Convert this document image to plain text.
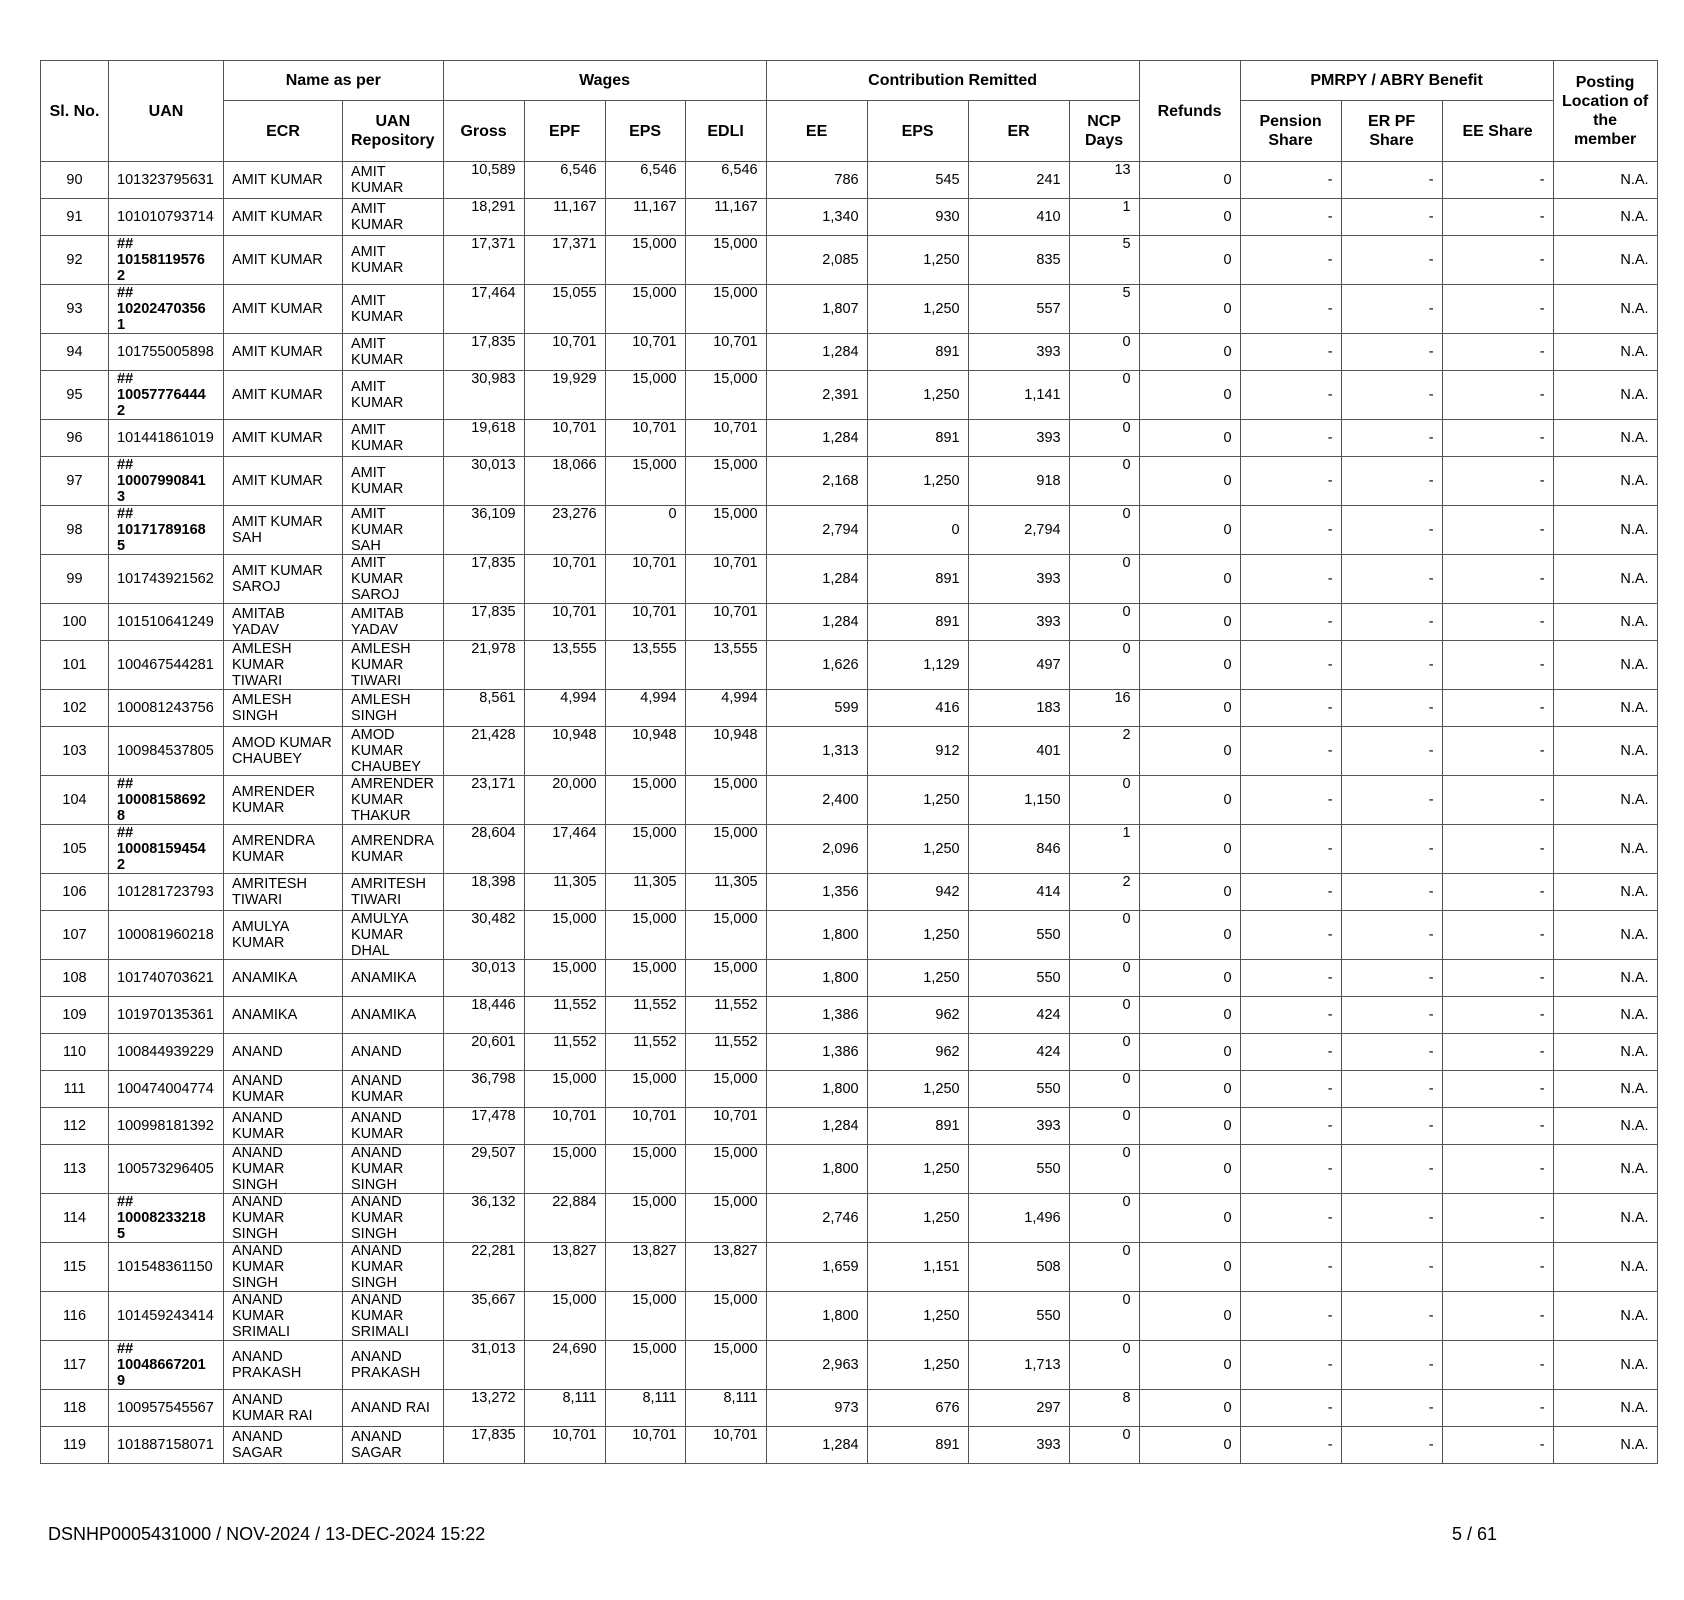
Sl. No.	UAN	Name as per		Wages				Contribution Remitted				Refunds	PMRPY / ABRY Benefit			Posting Location of the member
		ECR	UAN Repository	Gross	EPF	EPS	EDLI	EE	EPS	ER	NCP Days		Pension Share	ER PF Share	EE Share	
90	101323795631	AMIT KUMAR	AMIT KUMAR	10,589	6,546	6,546	6,546	786	545	241	13	0	-	-	-	N.A.
91	101010793714	AMIT KUMAR	AMIT KUMAR	18,291	11,167	11,167	11,167	1,340	930	410	1	0	-	-	-	N.A.
92	## 10158119576 2	AMIT KUMAR	AMIT KUMAR	17,371	17,371	15,000	15,000	2,085	1,250	835	5	0	-	-	-	N.A.
93	## 10202470356 1	AMIT KUMAR	AMIT KUMAR	17,464	15,055	15,000	15,000	1,807	1,250	557	5	0	-	-	-	N.A.
94	101755005898	AMIT KUMAR	AMIT KUMAR	17,835	10,701	10,701	10,701	1,284	891	393	0	0	-	-	-	N.A.
95	## 10057776444 2	AMIT KUMAR	AMIT KUMAR	30,983	19,929	15,000	15,000	2,391	1,250	1,141	0	0	-	-	-	N.A.
96	101441861019	AMIT KUMAR	AMIT KUMAR	19,618	10,701	10,701	10,701	1,284	891	393	0	0	-	-	-	N.A.
97	## 10007990841 3	AMIT KUMAR	AMIT KUMAR	30,013	18,066	15,000	15,000	2,168	1,250	918	0	0	-	-	-	N.A.
98	## 10171789168 5	AMIT KUMAR SAH	AMIT KUMAR SAH	36,109	23,276	0	15,000	2,794	0	2,794	0	0	-	-	-	N.A.
99	101743921562	AMIT KUMAR SAROJ	AMIT KUMAR SAROJ	17,835	10,701	10,701	10,701	1,284	891	393	0	0	-	-	-	N.A.
100	101510641249	AMITAB YADAV	AMITAB YADAV	17,835	10,701	10,701	10,701	1,284	891	393	0	0	-	-	-	N.A.
101	100467544281	AMLESH KUMAR TIWARI	AMLESH KUMAR TIWARI	21,978	13,555	13,555	13,555	1,626	1,129	497	0	0	-	-	-	N.A.
102	100081243756	AMLESH SINGH	AMLESH SINGH	8,561	4,994	4,994	4,994	599	416	183	16	0	-	-	-	N.A.
103	100984537805	AMOD KUMAR CHAUBEY	AMOD KUMAR CHAUBEY	21,428	10,948	10,948	10,948	1,313	912	401	2	0	-	-	-	N.A.
104	## 10008158692 8	AMRENDER KUMAR	AMRENDER KUMAR THAKUR	23,171	20,000	15,000	15,000	2,400	1,250	1,150	0	0	-	-	-	N.A.
105	## 10008159454 2	AMRENDRA KUMAR	AMRENDRA KUMAR	28,604	17,464	15,000	15,000	2,096	1,250	846	1	0	-	-	-	N.A.
106	101281723793	AMRITESH TIWARI	AMRITESH TIWARI	18,398	11,305	11,305	11,305	1,356	942	414	2	0	-	-	-	N.A.
107	100081960218	AMULYA KUMAR	AMULYA KUMAR DHAL	30,482	15,000	15,000	15,000	1,800	1,250	550	0	0	-	-	-	N.A.
108	101740703621	ANAMIKA	ANAMIKA	30,013	15,000	15,000	15,000	1,800	1,250	550	0	0	-	-	-	N.A.
109	101970135361	ANAMIKA	ANAMIKA	18,446	11,552	11,552	11,552	1,386	962	424	0	0	-	-	-	N.A.
110	100844939229	ANAND	ANAND	20,601	11,552	11,552	11,552	1,386	962	424	0	0	-	-	-	N.A.
111	100474004774	ANAND KUMAR	ANAND KUMAR	36,798	15,000	15,000	15,000	1,800	1,250	550	0	0	-	-	-	N.A.
112	100998181392	ANAND KUMAR	ANAND KUMAR	17,478	10,701	10,701	10,701	1,284	891	393	0	0	-	-	-	N.A.
113	100573296405	ANAND KUMAR SINGH	ANAND KUMAR SINGH	29,507	15,000	15,000	15,000	1,800	1,250	550	0	0	-	-	-	N.A.
114	## 10008233218 5	ANAND KUMAR SINGH	ANAND KUMAR SINGH	36,132	22,884	15,000	15,000	2,746	1,250	1,496	0	0	-	-	-	N.A.
115	101548361150	ANAND KUMAR SINGH	ANAND KUMAR SINGH	22,281	13,827	13,827	13,827	1,659	1,151	508	0	0	-	-	-	N.A.
116	101459243414	ANAND KUMAR SRIMALI	ANAND KUMAR SRIMALI	35,667	15,000	15,000	15,000	1,800	1,250	550	0	0	-	-	-	N.A.
117	## 10048667201 9	ANAND PRAKASH	ANAND PRAKASH	31,013	24,690	15,000	15,000	2,963	1,250	1,713	0	0	-	-	-	N.A.
118	100957545567	ANAND KUMAR RAI	ANAND RAI	13,272	8,111	8,111	8,111	973	676	297	8	0	-	-	-	N.A.
119	101887158071	ANAND SAGAR	ANAND SAGAR	17,835	10,701	10,701	10,701	1,284	891	393	0	0	-	-	-	N.A.
DSNHP0005431000 / NOV-2024 / 13-DEC-2024 15:22	5 / 61
